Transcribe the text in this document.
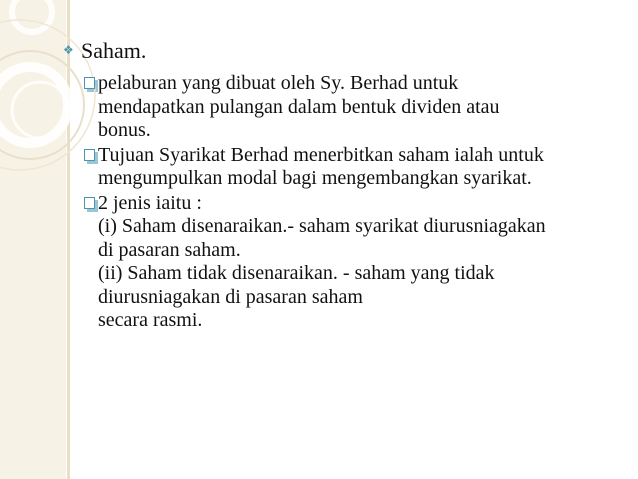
❖
Saham.
pelaburan yang dibuat oleh Sy. Berhad untuk
mendapatkan pulangan dalam bentuk dividen atau
bonus.
Tujuan Syarikat Berhad menerbitkan saham ialah untuk
mengumpulkan modal bagi mengembangkan syarikat.
2 jenis iaitu :
(i) Saham disenaraikan.- saham syarikat diurusniagakan
di pasaran saham.
(ii) Saham tidak disenaraikan. - saham yang tidak
diurusniagakan di pasaran saham
secara rasmi.
